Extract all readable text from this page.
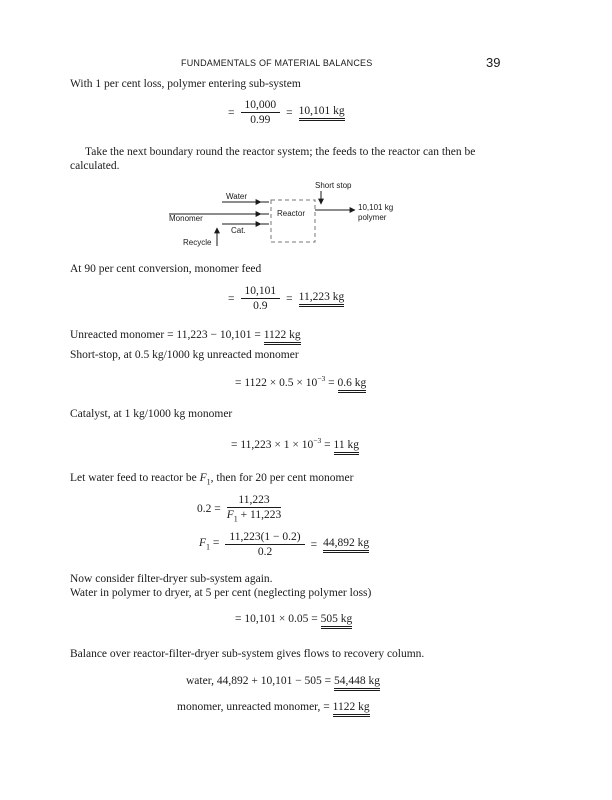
FUNDAMENTALS OF MATERIAL BALANCES	39
With 1 per cent loss, polymer entering sub-system
= $\frac{10,000}{0.99} = 10,101$ kg
Take the next boundary round the reactor system; the feeds to the reactor can then be
calculated.
Reactor
Short stop
Water
Monomer
Cat.
Recycle
10,101 kg
polymer
At 90 per cent conversion, monomer feed
= $\frac{10,101}{0.9} = 11,223$ kg
Unreacted monomer = 11,223 − 10,101 = 1122 kg
Short-stop, at 0.5 kg/1000 kg unreacted monomer
= $1122 \times 0.5 \times 10^{-3} = 0.6$ kg
Catalyst, at 1 kg/1000 kg monomer
= $11,223 \times 1 \times 10^{-3} = 11$ kg
Let water feed to reactor be $F_1$, then for 20 per cent monomer
$0.2 = \frac{11,223}{F_1 + 11,223}$
$F_1 = \frac{11,223(1 - 0.2)}{0.2} = 44,892$ kg
Now consider filter-dryer sub-system again.
Water in polymer to dryer, at 5 per cent (neglecting polymer loss)
= 10,101 × 0.05 = 505 kg
Balance over reactor-filter-dryer sub-system gives flows to recovery column.
water, 44,892 + 10,101 − 505 = 54,448 kg
monomer, unreacted monomer, = 1122 kg
